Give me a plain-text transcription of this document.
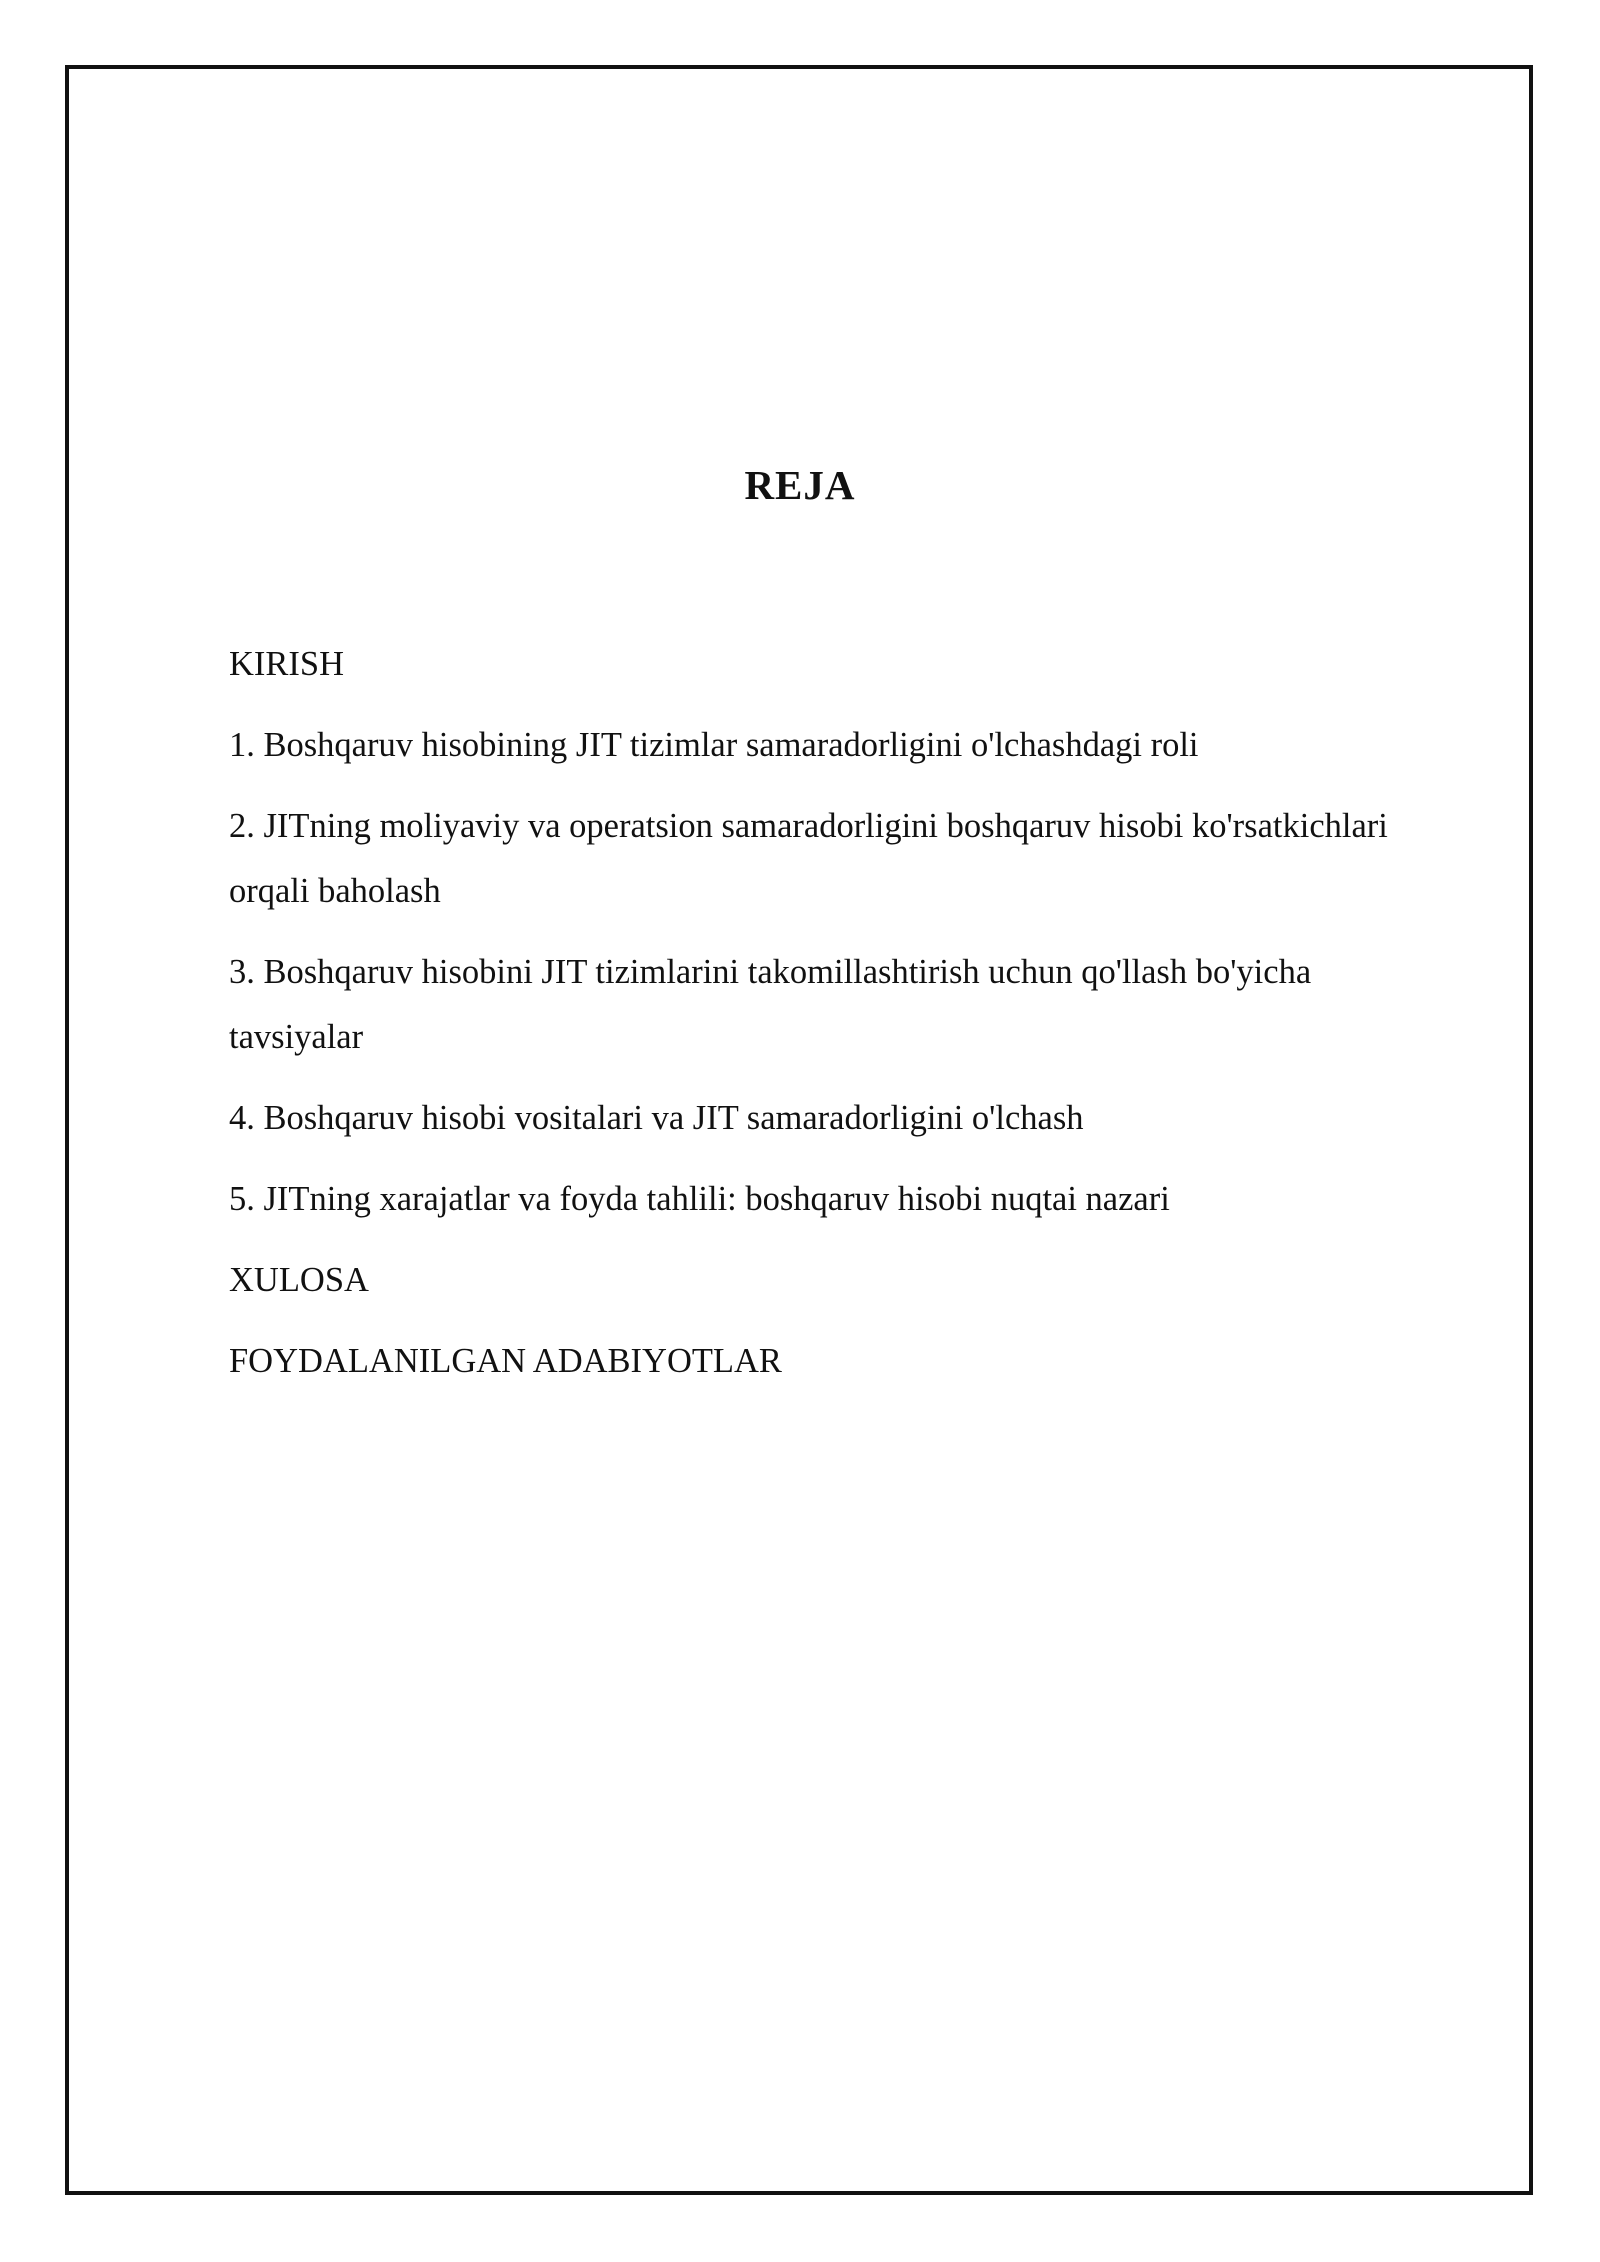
REJA
KIRISH
1. Boshqaruv hisobining JIT tizimlar samaradorligini o'lchashdagi roli
2. JITning moliyaviy va operatsion samaradorligini boshqaruv hisobi ko'rsatkichlari orqali baholash
3. Boshqaruv hisobini JIT tizimlarini takomillashtirish uchun qo'llash bo'yicha tavsiyalar
4. Boshqaruv hisobi vositalari va JIT samaradorligini o'lchash
5. JITning xarajatlar va foyda tahlili: boshqaruv hisobi nuqtai nazari
XULOSA
FOYDALANILGAN ADABIYOTLAR
